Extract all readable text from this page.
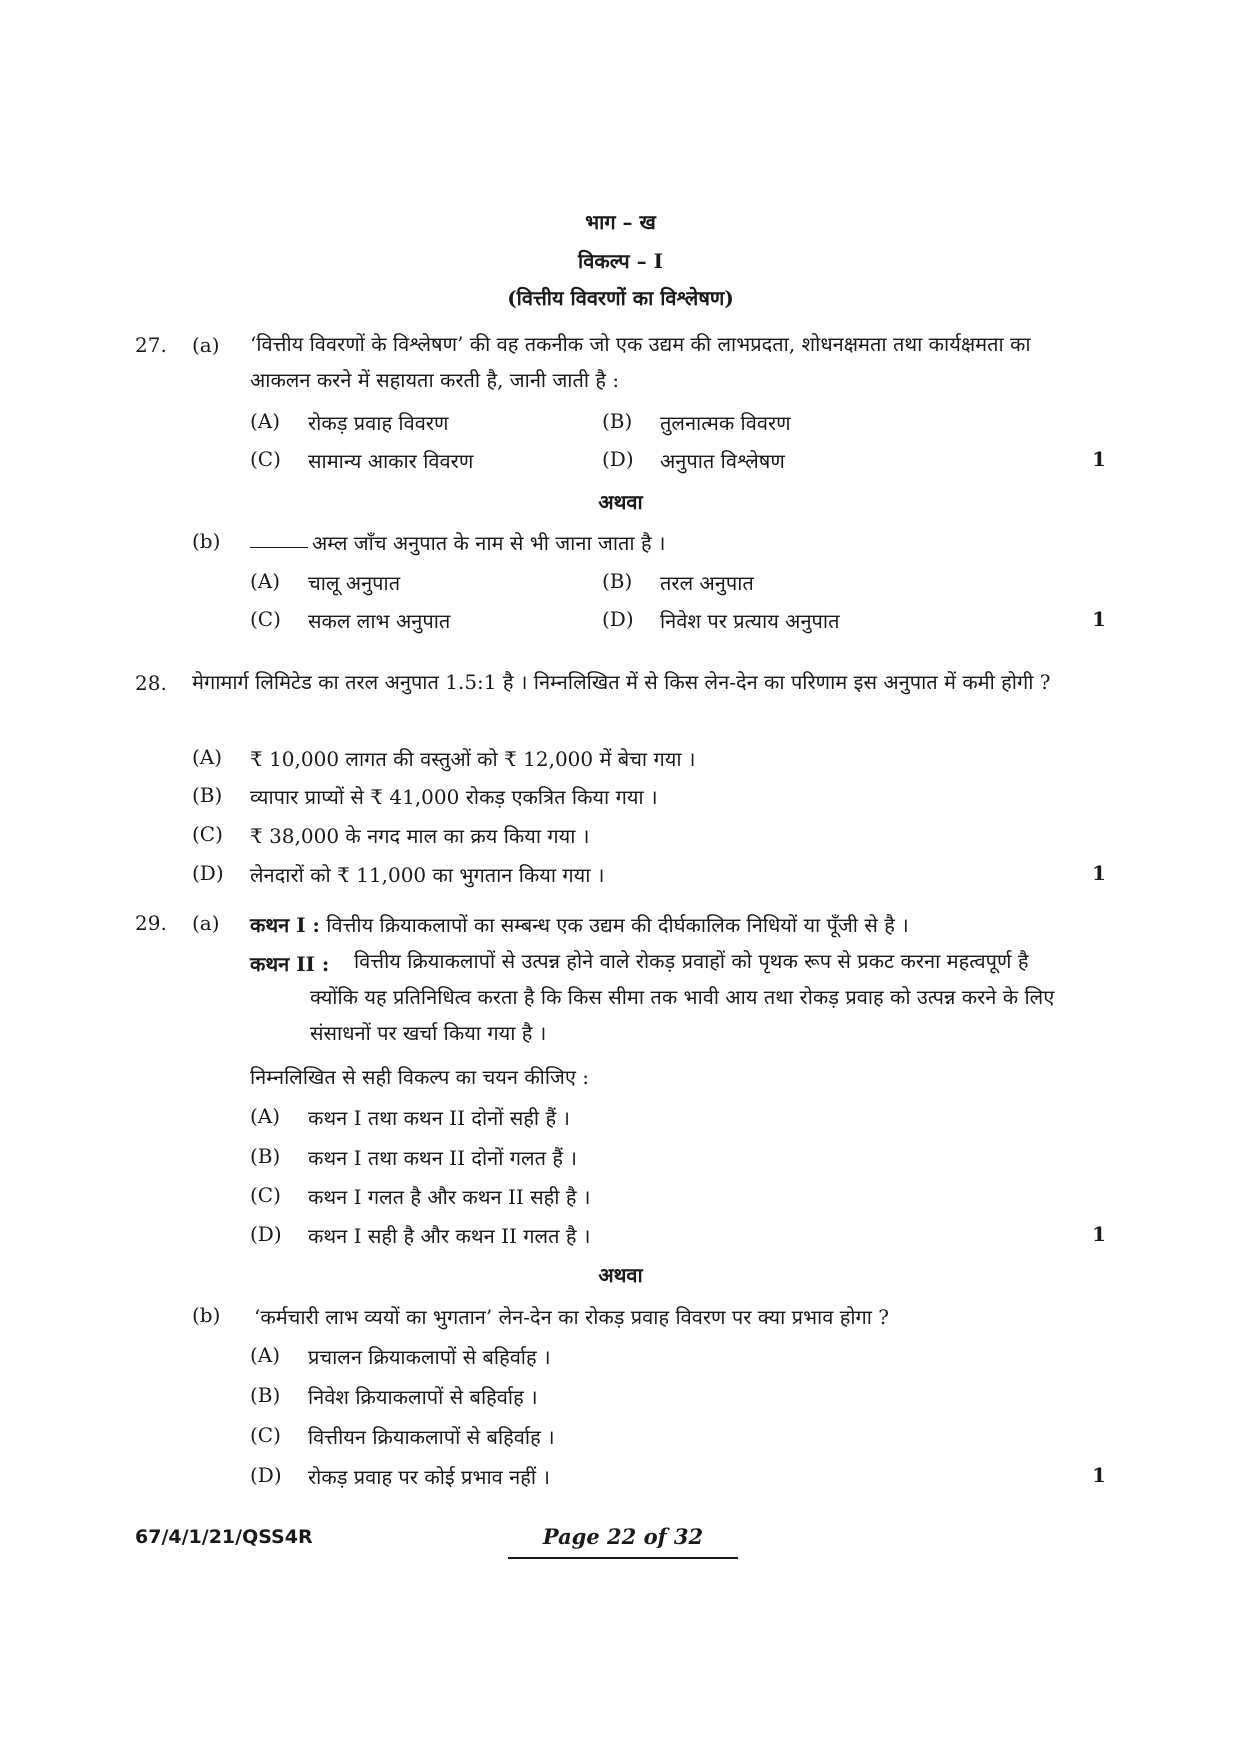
भाग – ख
विकल्प – I
(वित्तीय विवरणों का विश्लेषण)
27. (a) ‘वित्तीय विवरणों के विश्लेषण’ की वह तकनीक जो एक उद्यम की लाभप्रदता, शोधनक्षमता तथा कार्यक्षमता का आकलन करने में सहायता करती है, जानी जाती है :
(A) रोकड़ प्रवाह विवरण	(B) तुलनात्मक विवरण
(C) सामान्य आकार विवरण	(D) अनुपात विश्लेषण	1
अथवा
(b)	अम्ल जाँच अनुपात के नाम से भी जाना जाता है ।
(A) चालू अनुपात	(B) तरल अनुपात
(C) सकल लाभ अनुपात	(D) निवेश पर प्रत्याय अनुपात	1
28. मेगामार्ग लिमिटेड का तरल अनुपात 1.5:1 है । निम्नलिखित में से किस लेन-देन का परिणाम इस अनुपात में कमी होगी ?
(A) ₹ 10,000 लागत की वस्तुओं को ₹ 12,000 में बेचा गया ।
(B) व्यापार प्राप्यों से ₹ 41,000 रोकड़ एकत्रित किया गया ।
(C) ₹ 38,000 के नगद माल का क्रय किया गया ।
(D) लेनदारों को ₹ 11,000 का भुगतान किया गया ।	1
29. (a) कथन I : वित्तीय क्रियाकलापों का सम्बन्ध एक उद्यम की दीर्घकालिक निधियों या पूँजी से है ।
कथन II :	वित्तीय क्रियाकलापों से उत्पन्न होने वाले रोकड़ प्रवाहों को पृथक रूप से प्रकट करना महत्वपूर्ण है क्योंकि यह प्रतिनिधित्व करता है कि किस सीमा तक भावी आय तथा रोकड़ प्रवाह को उत्पन्न करने के लिए संसाधनों पर खर्चा किया गया है ।
निम्नलिखित से सही विकल्प का चयन कीजिए :
(A) कथन I तथा कथन II दोनों सही हैं ।
(B) कथन I तथा कथन II दोनों गलत हैं ।
(C) कथन I गलत है और कथन II सही है ।
(D) कथन I सही है और कथन II गलत है ।	1
अथवा
(b) ‘कर्मचारी लाभ व्ययों का भुगतान’ लेन-देन का रोकड़ प्रवाह विवरण पर क्या प्रभाव होगा ?
(A) प्रचालन क्रियाकलापों से बहिर्वाह ।
(B) निवेश क्रियाकलापों से बहिर्वाह ।
(C) वित्तीयन क्रियाकलापों से बहिर्वाह ।
(D) रोकड़ प्रवाह पर कोई प्रभाव नहीं ।	1
67/4/1/21/QSS4R	Page 22 of 32
